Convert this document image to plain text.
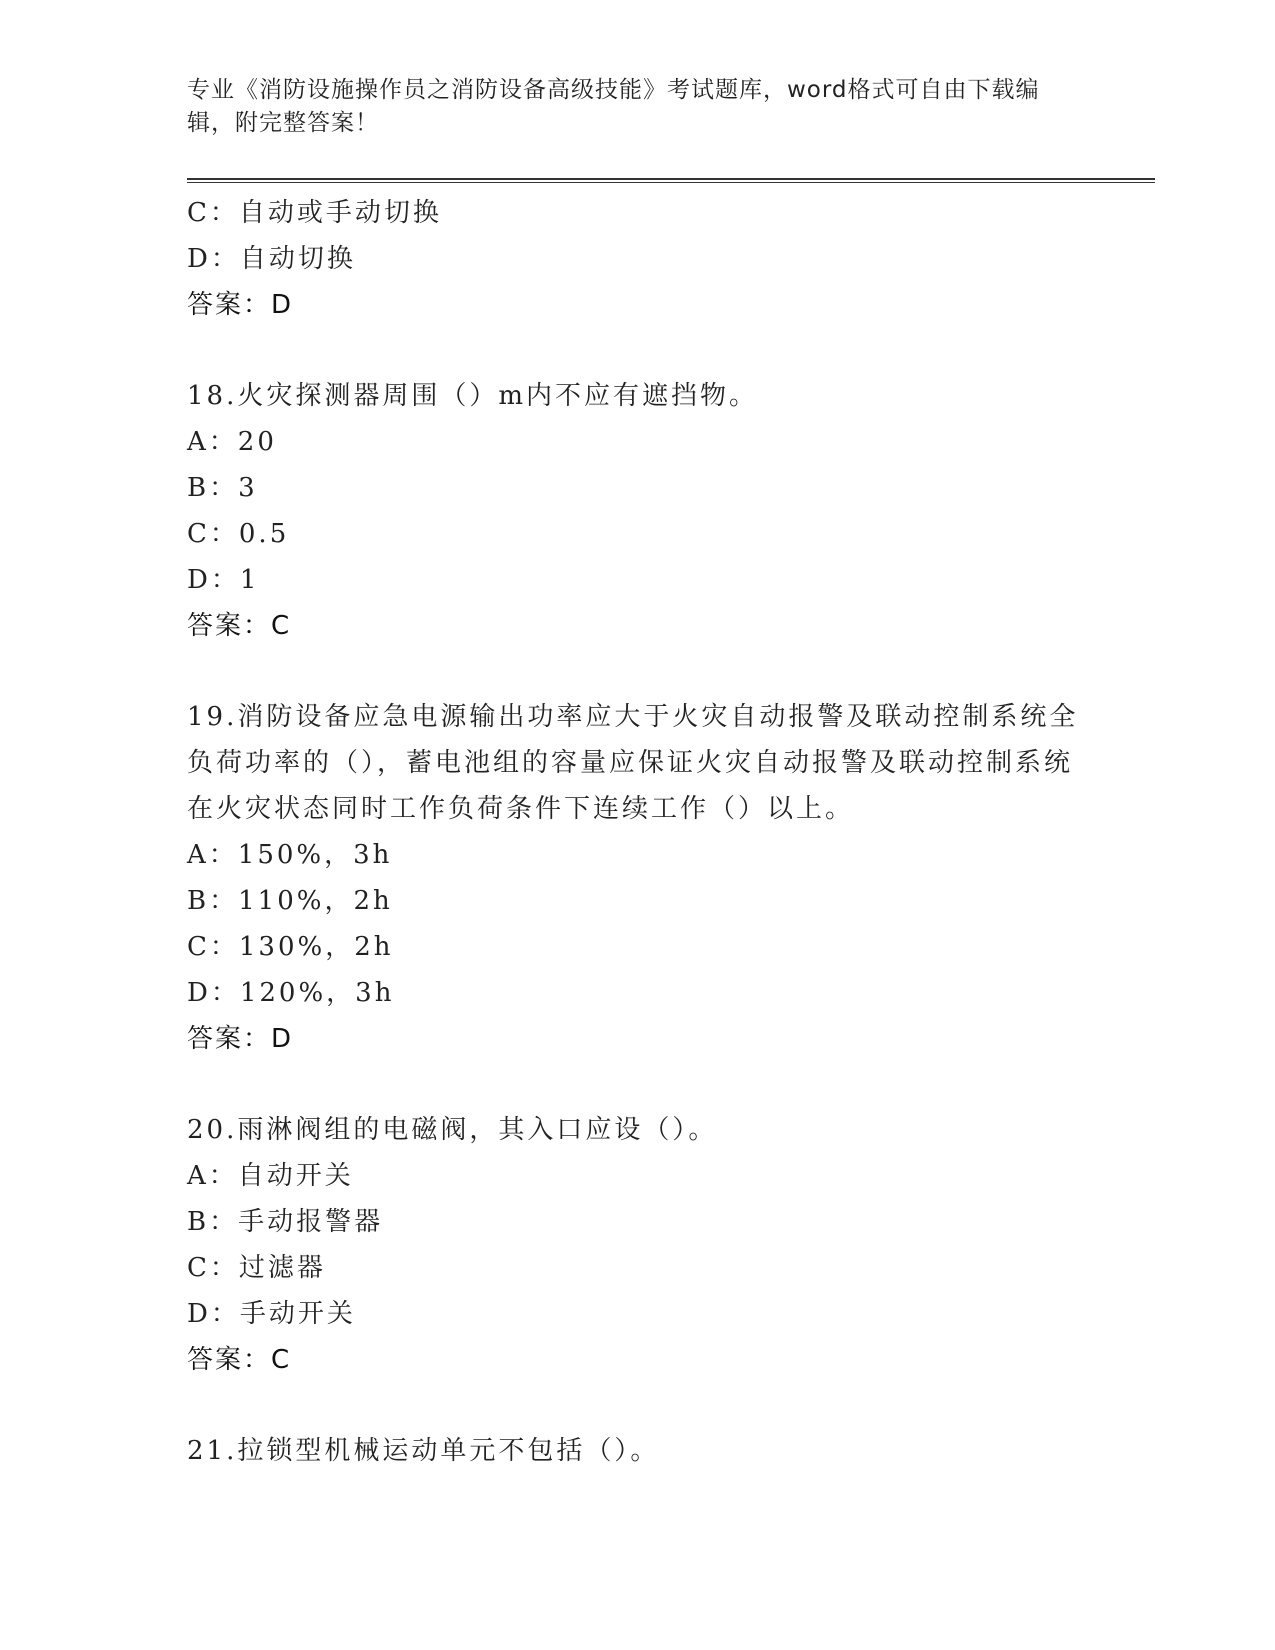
专业《消防设施操作员之消防设备高级技能》考试题库，word格式可自由下载编辑，附完整答案！
C：自动或手动切换
D：自动切换
答案：D
18.火灾探测器周围（）m内不应有遮挡物。
A：20
B：3
C：0.5
D：1
答案：C
19.消防设备应急电源输出功率应大于火灾自动报警及联动控制系统全负荷功率的（），蓄电池组的容量应保证火灾自动报警及联动控制系统在火灾状态同时工作负荷条件下连续工作（）以上。
A：150%，3h
B：110%，2h
C：130%，2h
D：120%，3h
答案：D
20.雨淋阀组的电磁阀，其入口应设（）。
A：自动开关
B：手动报警器
C：过滤器
D：手动开关
答案：C
21.拉锁型机械运动单元不包括（）。
